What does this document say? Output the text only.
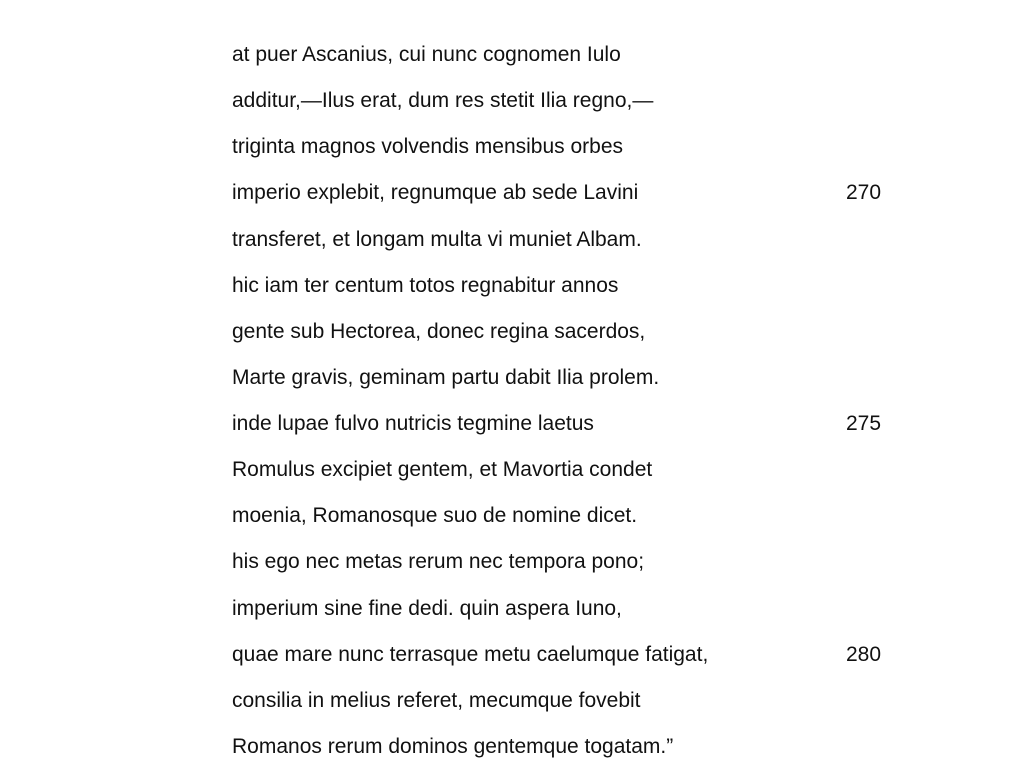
at puer Ascanius, cui nunc cognomen Iulo
additur,—Ilus erat, dum res stetit Ilia regno,—
triginta magnos volvendis mensibus orbes
imperio explebit, regnumque ab sede Lavini	270
transferet, et longam multa vi muniet Albam.
hic iam ter centum totos regnabitur annos
gente sub Hectorea, donec regina sacerdos,
Marte gravis, geminam partu dabit Ilia prolem.
inde lupae fulvo nutricis tegmine laetus	275
Romulus excipiet gentem, et Mavortia condet
moenia, Romanosque suo de nomine dicet.
his ego nec metas rerum nec tempora pono;
imperium sine fine dedi. quin aspera Iuno,
quae mare nunc terrasque metu caelumque fatigat,	280
consilia in melius referet, mecumque fovebit
Romanos rerum dominos gentemque togatam.”
